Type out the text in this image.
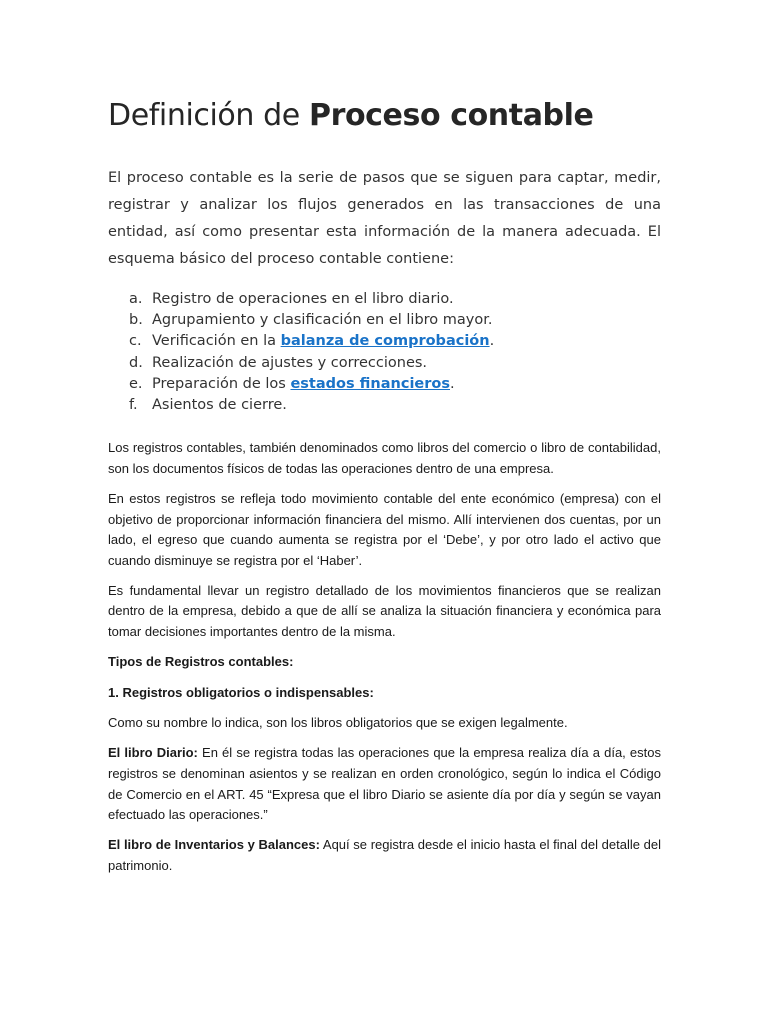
Definición de Proceso contable

El proceso contable es la serie de pasos que se siguen para captar, medir, registrar y analizar los flujos generados en las transacciones de una entidad, así como presentar esta información de la manera adecuada. El esquema básico del proceso contable contiene:

a. Registro de operaciones en el libro diario.
b. Agrupamiento y clasificación en el libro mayor.
c. Verificación en la balanza de comprobación.
d. Realización de ajustes y correcciones.
e. Preparación de los estados financieros.
f. Asientos de cierre.

Los registros contables, también denominados como libros del comercio o libro de contabilidad, son los documentos físicos de todas las operaciones dentro de una empresa.

En estos registros se refleja todo movimiento contable del ente económico (empresa) con el objetivo de proporcionar información financiera del mismo. Allí intervienen dos cuentas, por un lado, el egreso que cuando aumenta se registra por el ‘Debe’, y por otro lado el activo que cuando disminuye se registra por el ‘Haber’.

Es fundamental llevar un registro detallado de los movimientos financieros que se realizan dentro de la empresa, debido a que de allí se analiza la situación financiera y económica para tomar decisiones importantes dentro de la misma.

Tipos de Registros contables:

1. Registros obligatorios o indispensables:

Como su nombre lo indica, son los libros obligatorios que se exigen legalmente.

El libro Diario: En él se registra todas las operaciones que la empresa realiza día a día, estos registros se denominan asientos y se realizan en orden cronológico, según lo indica el Código de Comercio en el ART. 45 “Expresa que el libro Diario se asiente día por día y según se vayan efectuado las operaciones.”

El libro de Inventarios y Balances: Aquí se registra desde el inicio hasta el final del detalle del patrimonio.
